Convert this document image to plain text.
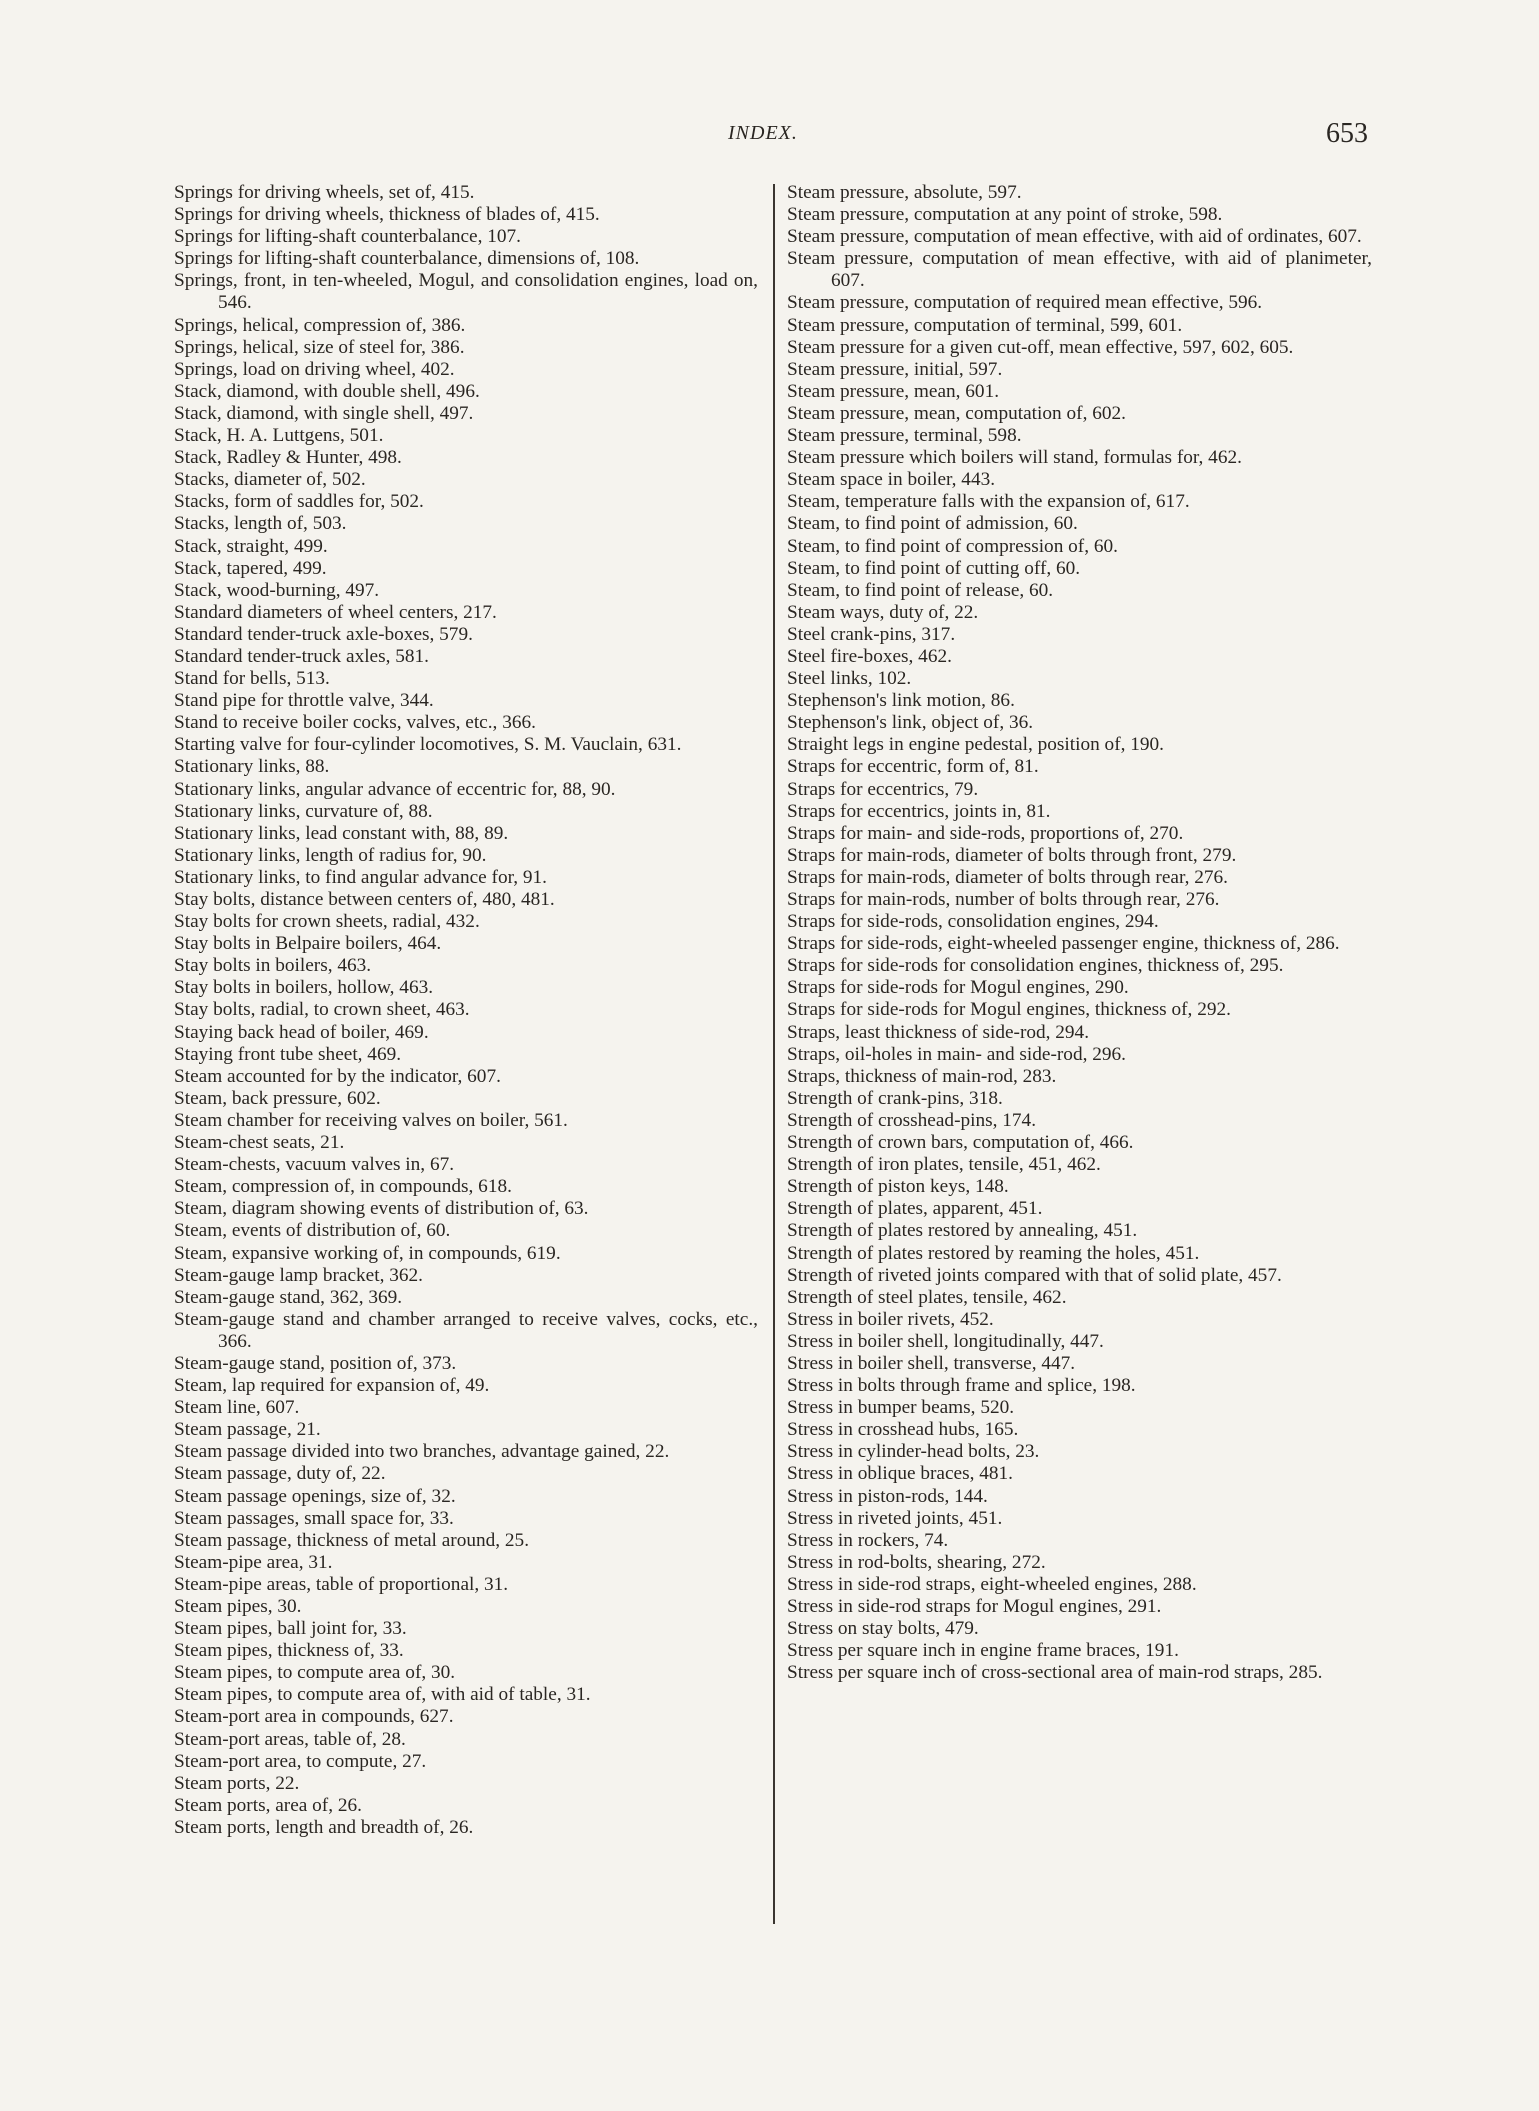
INDEX.	653
Springs for driving wheels, set of, 415.
Springs for driving wheels, thickness of blades of, 415.
Springs for lifting-shaft counterbalance, 107.
Springs for lifting-shaft counterbalance, dimensions of, 108.
Springs, front, in ten-wheeled, Mogul, and consolidation engines, load on, 546.
Springs, helical, compression of, 386.
Springs, helical, size of steel for, 386.
Springs, load on driving wheel, 402.
Stack, diamond, with double shell, 496.
Stack, diamond, with single shell, 497.
Stack, H. A. Luttgens, 501.
Stack, Radley & Hunter, 498.
Stacks, diameter of, 502.
Stacks, form of saddles for, 502.
Stacks, length of, 503.
Stack, straight, 499.
Stack, tapered, 499.
Stack, wood-burning, 497.
Standard diameters of wheel centers, 217.
Standard tender-truck axle-boxes, 579.
Standard tender-truck axles, 581.
Stand for bells, 513.
Stand pipe for throttle valve, 344.
Stand to receive boiler cocks, valves, etc., 366.
Starting valve for four-cylinder locomotives, S. M. Vauclain, 631.
Stationary links, 88.
Stationary links, angular advance of eccentric for, 88, 90.
Stationary links, curvature of, 88.
Stationary links, lead constant with, 88, 89.
Stationary links, length of radius for, 90.
Stationary links, to find angular advance for, 91.
Stay bolts, distance between centers of, 480, 481.
Stay bolts for crown sheets, radial, 432.
Stay bolts in Belpaire boilers, 464.
Stay bolts in boilers, 463.
Stay bolts in boilers, hollow, 463.
Stay bolts, radial, to crown sheet, 463.
Staying back head of boiler, 469.
Staying front tube sheet, 469.
Steam accounted for by the indicator, 607.
Steam, back pressure, 602.
Steam chamber for receiving valves on boiler, 561.
Steam-chest seats, 21.
Steam-chests, vacuum valves in, 67.
Steam, compression of, in compounds, 618.
Steam, diagram showing events of distribution of, 63.
Steam, events of distribution of, 60.
Steam, expansive working of, in compounds, 619.
Steam-gauge lamp bracket, 362.
Steam-gauge stand, 362, 369.
Steam-gauge stand and chamber arranged to receive valves, cocks, etc., 366.
Steam-gauge stand, position of, 373.
Steam, lap required for expansion of, 49.
Steam line, 607.
Steam passage, 21.
Steam passage divided into two branches, advantage gained, 22.
Steam passage, duty of, 22.
Steam passage openings, size of, 32.
Steam passages, small space for, 33.
Steam passage, thickness of metal around, 25.
Steam-pipe area, 31.
Steam-pipe areas, table of proportional, 31.
Steam pipes, 30.
Steam pipes, ball joint for, 33.
Steam pipes, thickness of, 33.
Steam pipes, to compute area of, 30.
Steam pipes, to compute area of, with aid of table, 31.
Steam-port area in compounds, 627.
Steam-port areas, table of, 28.
Steam-port area, to compute, 27.
Steam ports, 22.
Steam ports, area of, 26.
Steam ports, length and breadth of, 26.
Steam pressure, absolute, 597.
Steam pressure, computation at any point of stroke, 598.
Steam pressure, computation of mean effective, with aid of ordinates, 607.
Steam pressure, computation of mean effective, with aid of planimeter, 607.
Steam pressure, computation of required mean effective, 596.
Steam pressure, computation of terminal, 599, 601.
Steam pressure for a given cut-off, mean effective, 597, 602, 605.
Steam pressure, initial, 597.
Steam pressure, mean, 601.
Steam pressure, mean, computation of, 602.
Steam pressure, terminal, 598.
Steam pressure which boilers will stand, formulas for, 462.
Steam space in boiler, 443.
Steam, temperature falls with the expansion of, 617.
Steam, to find point of admission, 60.
Steam, to find point of compression of, 60.
Steam, to find point of cutting off, 60.
Steam, to find point of release, 60.
Steam ways, duty of, 22.
Steel crank-pins, 317.
Steel fire-boxes, 462.
Steel links, 102.
Stephenson's link motion, 86.
Stephenson's link, object of, 36.
Straight legs in engine pedestal, position of, 190.
Straps for eccentric, form of, 81.
Straps for eccentrics, 79.
Straps for eccentrics, joints in, 81.
Straps for main- and side-rods, proportions of, 270.
Straps for main-rods, diameter of bolts through front, 279.
Straps for main-rods, diameter of bolts through rear, 276.
Straps for main-rods, number of bolts through rear, 276.
Straps for side-rods, consolidation engines, 294.
Straps for side-rods, eight-wheeled passenger engine, thickness of, 286.
Straps for side-rods for consolidation engines, thickness of, 295.
Straps for side-rods for Mogul engines, 290.
Straps for side-rods for Mogul engines, thickness of, 292.
Straps, least thickness of side-rod, 294.
Straps, oil-holes in main- and side-rod, 296.
Straps, thickness of main-rod, 283.
Strength of crank-pins, 318.
Strength of crosshead-pins, 174.
Strength of crown bars, computation of, 466.
Strength of iron plates, tensile, 451, 462.
Strength of piston keys, 148.
Strength of plates, apparent, 451.
Strength of plates restored by annealing, 451.
Strength of plates restored by reaming the holes, 451.
Strength of riveted joints compared with that of solid plate, 457.
Strength of steel plates, tensile, 462.
Stress in boiler rivets, 452.
Stress in boiler shell, longitudinally, 447.
Stress in boiler shell, transverse, 447.
Stress in bolts through frame and splice, 198.
Stress in bumper beams, 520.
Stress in crosshead hubs, 165.
Stress in cylinder-head bolts, 23.
Stress in oblique braces, 481.
Stress in piston-rods, 144.
Stress in riveted joints, 451.
Stress in rockers, 74.
Stress in rod-bolts, shearing, 272.
Stress in side-rod straps, eight-wheeled engines, 288.
Stress in side-rod straps for Mogul engines, 291.
Stress on stay bolts, 479.
Stress per square inch in engine frame braces, 191.
Stress per square inch of cross-sectional area of main-rod straps, 285.
